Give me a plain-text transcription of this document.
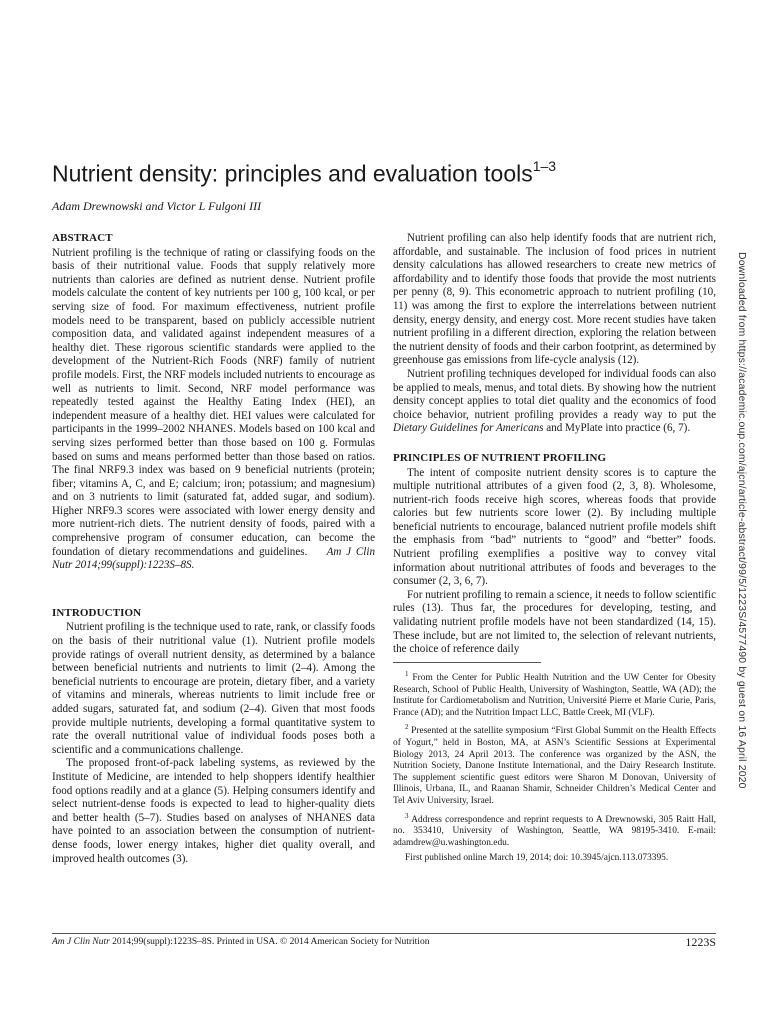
Nutrient density: principles and evaluation tools$^{1-3}$
Adam Drewnowski and Victor L Fulgoni III
ABSTRACT

Nutrient profiling is the technique of rating or classifying foods on the basis of their nutritional value. Foods that supply relatively more nutrients than calories are defined as nutrient dense. Nutrient profile models calculate the content of key nutrients per 100 g, 100 kcal, or per serving size of food. For maximum effectiveness, nutrient profile models need to be transparent, based on publicly accessible nutrient composition data, and validated against independent measures of a healthy diet. These rigorous scientific standards were applied to the development of the Nutrient-Rich Foods (NRF) family of nutrient profile models. First, the NRF models included nutrients to encourage as well as nutrients to limit. Second, NRF model performance was repeatedly tested against the Healthy Eating Index (HEI), an independent measure of a healthy diet. HEI values were calculated for participants in the 1999–2002 NHANES. Models based on 100 kcal and serving sizes performed better than those based on 100 g. Formulas based on sums and means performed better than those based on ratios. The final NRF9.3 index was based on 9 beneficial nutrients (protein; fiber; vitamins A, C, and E; calcium; iron; potassium; and magnesium) and on 3 nutrients to limit (saturated fat, added sugar, and sodium). Higher NRF9.3 scores were associated with lower energy density and more nutrient-rich diets. The nutrient density of foods, paired with a comprehensive program of consumer education, can become the foundation of dietary recommendations and guidelines. Am J Clin Nutr 2014;99(suppl):1223S–8S.

INTRODUCTION

Nutrient profiling is the technique used to rate, rank, or classify foods on the basis of their nutritional value (1). Nutrient profile models provide ratings of overall nutrient density, as determined by a balance between beneficial nutrients and nutrients to limit (2–4). Among the beneficial nutrients to encourage are protein, dietary fiber, and a variety of vitamins and minerals, whereas nutrients to limit include free or added sugars, saturated fat, and sodium (2–4). Given that most foods provide multiple nutrients, developing a formal quantitative system to rate the overall nutritional value of individual foods poses both a scientific and a communications challenge.

The proposed front-of-pack labeling systems, as reviewed by the Institute of Medicine, are intended to help shoppers identify healthier food options readily and at a glance (5). Helping consumers identify and select nutrient-dense foods is expected to lead to higher-quality diets and better health (5–7). Studies based on analyses of NHANES data have pointed to an association between the consumption of nutrient-dense foods, lower energy intakes, higher diet quality overall, and improved health outcomes (3).

Nutrient profiling can also help identify foods that are nutrient rich, affordable, and sustainable. The inclusion of food prices in nutrient density calculations has allowed researchers to create new metrics of affordability and to identify those foods that provide the most nutrients per penny (8, 9). This econometric approach to nutrient profiling (10, 11) was among the first to explore the interrelations between nutrient density, energy density, and energy cost. More recent studies have taken nutrient profiling in a different direction, exploring the relation between the nutrient density of foods and their carbon footprint, as determined by greenhouse gas emissions from life-cycle analysis (12).

Nutrient profiling techniques developed for individual foods can also be applied to meals, menus, and total diets. By showing how the nutrient density concept applies to total diet quality and the economics of food choice behavior, nutrient profiling provides a ready way to put the Dietary Guidelines for Americans and MyPlate into practice (6, 7).

PRINCIPLES OF NUTRIENT PROFILING

The intent of composite nutrient density scores is to capture the multiple nutritional attributes of a given food (2, 3, 8). Wholesome, nutrient-rich foods receive high scores, whereas foods that provide calories but few nutrients score lower (2). By including multiple beneficial nutrients to encourage, balanced nutrient profile models shift the emphasis from “bad” nutrients to “good” and “better” foods. Nutrient profiling exemplifies a positive way to convey vital information about nutritional attributes of foods and beverages to the consumer (2, 3, 6, 7).

For nutrient profiling to remain a science, it needs to follow scientific rules (13). Thus far, the procedures for developing, testing, and validating nutrient profile models have not been standardized (14, 15). These include, but are not limited to, the selection of relevant nutrients, the choice of reference daily

$^1$ From the Center for Public Health Nutrition and the UW Center for Obesity Research, School of Public Health, University of Washington, Seattle, WA (AD); the Institute for Cardiometabolism and Nutrition, Université Pierre et Marie Curie, Paris, France (AD); and the Nutrition Impact LLC, Battle Creek, MI (VLF).
$^2$ Presented at the satellite symposium “First Global Summit on the Health Effects of Yogurt,” held in Boston, MA, at ASN’s Scientific Sessions at Experimental Biology 2013, 24 April 2013. The conference was organized by the ASN, the Nutrition Society, Danone Institute International, and the Dairy Research Institute. The supplement scientific guest editors were Sharon M Donovan, University of Illinois, Urbana, IL, and Raanan Shamir, Schneider Children’s Medical Center and Tel Aviv University, Israel.
$^3$ Address correspondence and reprint requests to A Drewnowski, 305 Raitt Hall, no. 353410, University of Washington, Seattle, WA 98195-3410. E-mail: adamdrew@u.washington.edu.
First published online March 19, 2014; doi: 10.3945/ajcn.113.073395.
Am J Clin Nutr 2014;99(suppl):1223S–8S. Printed in USA. © 2014 American Society for Nutrition	1223S
Downloaded from https://academic.oup.com/ajcn/article-abstract/99/5/1223S/4577490 by guest on 16 April 2020
